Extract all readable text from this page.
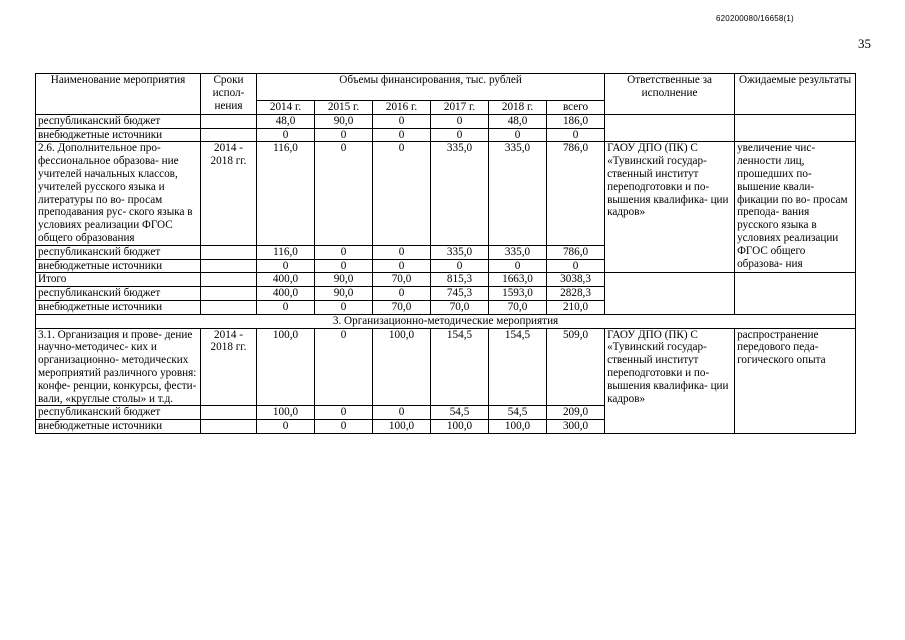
620200080/16658(1)
35
Наименование мероприятия	Сроки испол- нения	Объемы финансирования, тыс. рублей						Ответственные за исполнение	Ожидаемые результаты
		2014 г.	2015 г.	2016 г.	2017 г.	2018 г.	всего		
республиканский бюджет		48,0	90,0	0	0	48,0	186,0		
внебюджетные источники		0	0	0	0	0	0		
2.6. Дополнительное про- фессиональное образова- ние учителей начальных классов, учителей русского языка и литературы по во- просам преподавания рус- ского языка в условиях реализации ФГОС общего образования	2014 - 2018 гг.	116,0	0	0	335,0	335,0	786,0	ГАОУ ДПО (ПК) С «Тувинский государ- ственный институт переподготовки и по- вышения квалифика- ции кадров»	увеличение чис- ленности лиц, прошедших по- вышение квали- фикации по во- просам препода- вания русского языка в условиях реализации ФГОС общего образова- ния
республиканский бюджет		116,0	0	0	335,0	335,0	786,0		
внебюджетные источники		0	0	0	0	0	0		
Итого		400,0	90,0	70,0	815,3	1663,0	3038,3		
республиканский бюджет		400,0	90,0	0	745,3	1593,0	2828,3		
внебюджетные источники		0	0	70,0	70,0	70,0	210,0		
3. Организационно-методические мероприятия									
3.1. Организация и прове- дение научно-методичес- ких и организационно- методических мероприятий различного уровня: конфе- ренции, конкурсы, фести- вали, «круглые столы» и т.д.	2014 - 2018 гг.	100,0	0	100,0	154,5	154,5	509,0	ГАОУ ДПО (ПК) С «Тувинский государ- ственный институт переподготовки и по- вышения квалифика- ции кадров»	распространение передового педа- гогического опыта
республиканский бюджет		100,0	0	0	54,5	54,5	209,0		
внебюджетные источники		0	0	100,0	100,0	100,0	300,0		
